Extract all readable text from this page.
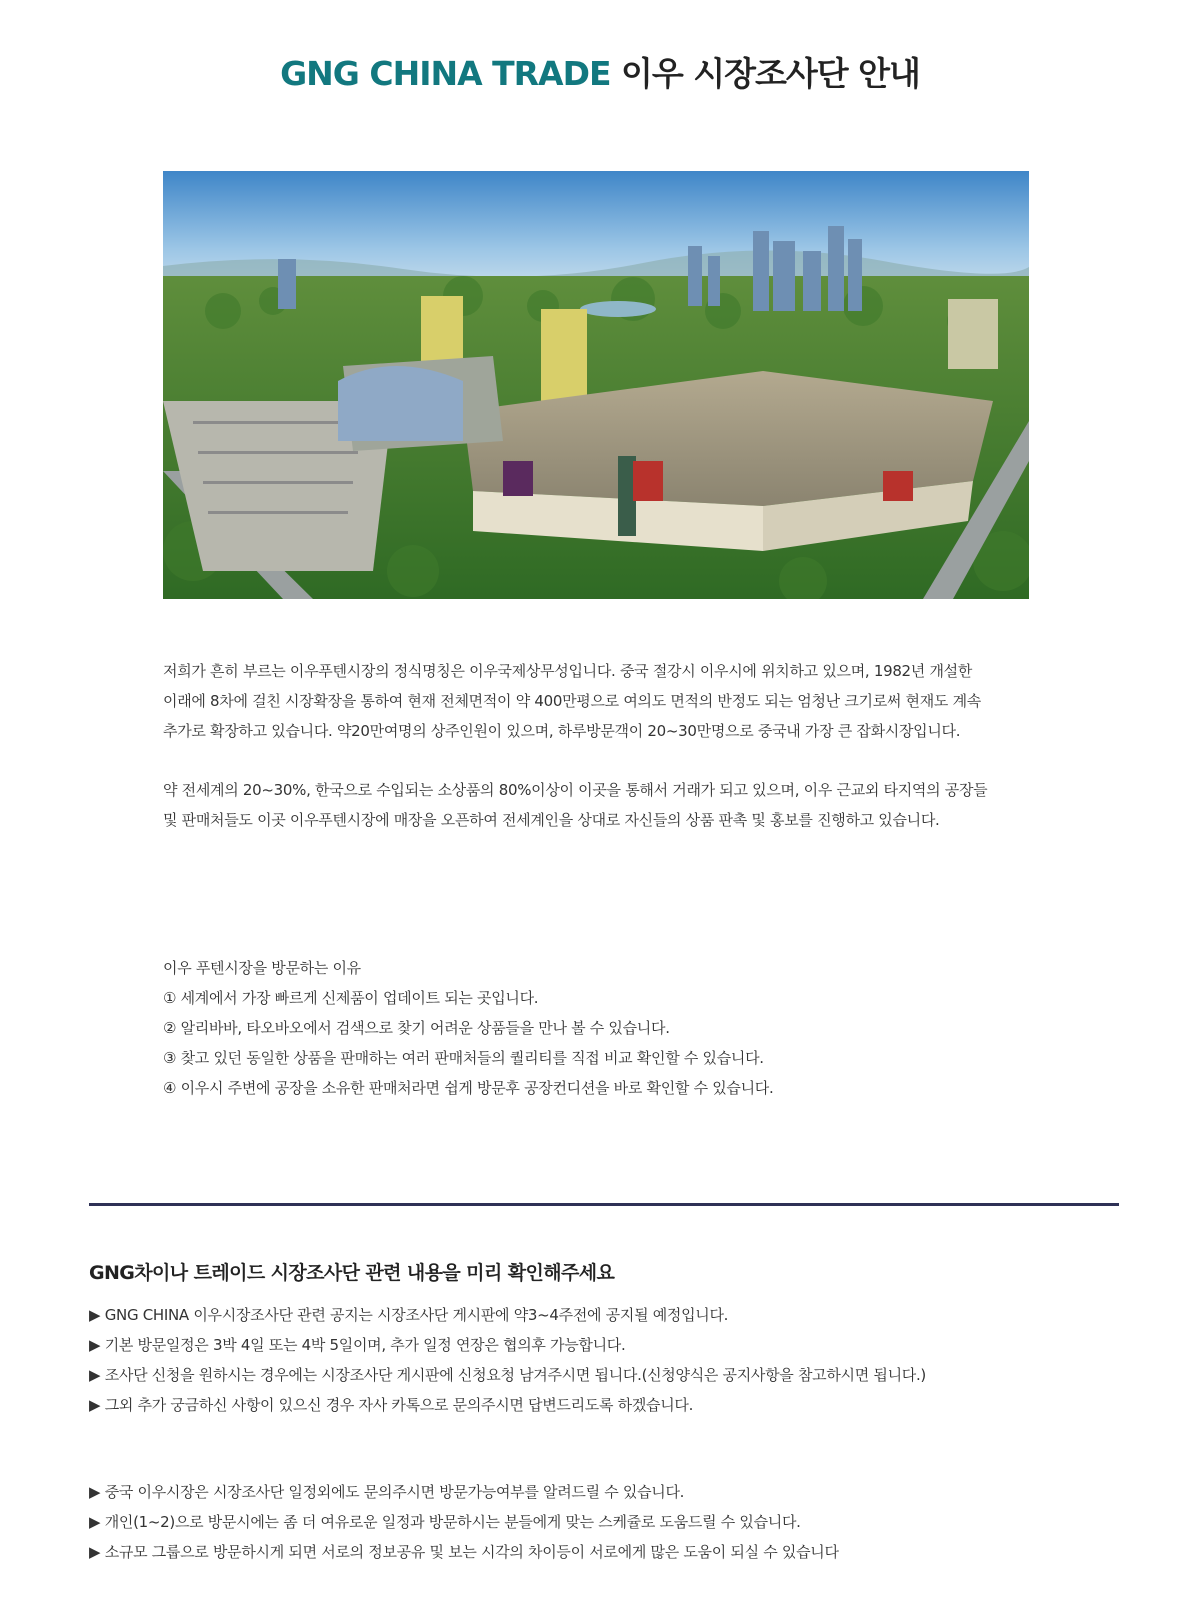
GNG CHINA TRADE 이우 시장조사단 안내

저희가 흔히 부르는 이우푸텐시장의 정식명칭은 이우국제상무성입니다. 중국 절강시 이우시에 위치하고 있으며, 1982년 개설한

이래에 8차에 걸친 시장확장을 통하여 현재 전체면적이 약 400만평으로 여의도 면적의 반정도 되는 엄청난 크기로써 현재도 계속

추가로 확장하고 있습니다. 약20만여명의 상주인원이 있으며, 하루방문객이 20~30만명으로 중국내 가장 큰 잡화시장입니다.

약 전세계의 20~30%, 한국으로 수입되는 소상품의 80%이상이 이곳을 통해서 거래가 되고 있으며, 이우 근교외 타지역의 공장들

및 판매처들도 이곳 이우푸텐시장에 매장을 오픈하여 전세계인을 상대로 자신들의 상품 판촉 및 홍보를 진행하고 있습니다.

이우 푸텐시장을 방문하는 이유

① 세계에서 가장 빠르게 신제품이 업데이트 되는 곳입니다.

② 알리바바, 타오바오에서 검색으로 찾기 어려운 상품들을 만나 볼 수 있습니다.

③ 찾고 있던 동일한 상품을 판매하는 여러 판매처들의 퀄리티를 직접 비교 확인할 수 있습니다.

④ 이우시 주변에 공장을 소유한 판매처라면 쉽게 방문후 공장컨디션을 바로 확인할 수 있습니다.

GNG차이나 트레이드 시장조사단 관련 내용을 미리 확인해주세요

▶ GNG CHINA 이우시장조사단 관련 공지는 시장조사단 게시판에 약3~4주전에 공지될 예정입니다.

▶ 기본 방문일정은 3박 4일 또는 4박 5일이며, 추가 일정 연장은 협의후 가능합니다.

▶ 조사단 신청을 원하시는 경우에는 시장조사단 게시판에 신청요청 남겨주시면 됩니다.(신청양식은 공지사항을 참고하시면 됩니다.)

▶ 그외 추가 궁금하신 사항이 있으신 경우 자사 카톡으로 문의주시면 답변드리도록 하겠습니다.

▶ 중국 이우시장은 시장조사단 일정외에도 문의주시면 방문가능여부를 알려드릴 수 있습니다.

▶ 개인(1~2)으로 방문시에는 좀 더 여유로운 일정과 방문하시는 분들에게 맞는 스케쥴로 도움드릴 수 있습니다.

▶ 소규모 그룹으로 방문하시게 되면 서로의 정보공유 및 보는 시각의 차이등이 서로에게 많은 도움이 되실 수 있습니다
